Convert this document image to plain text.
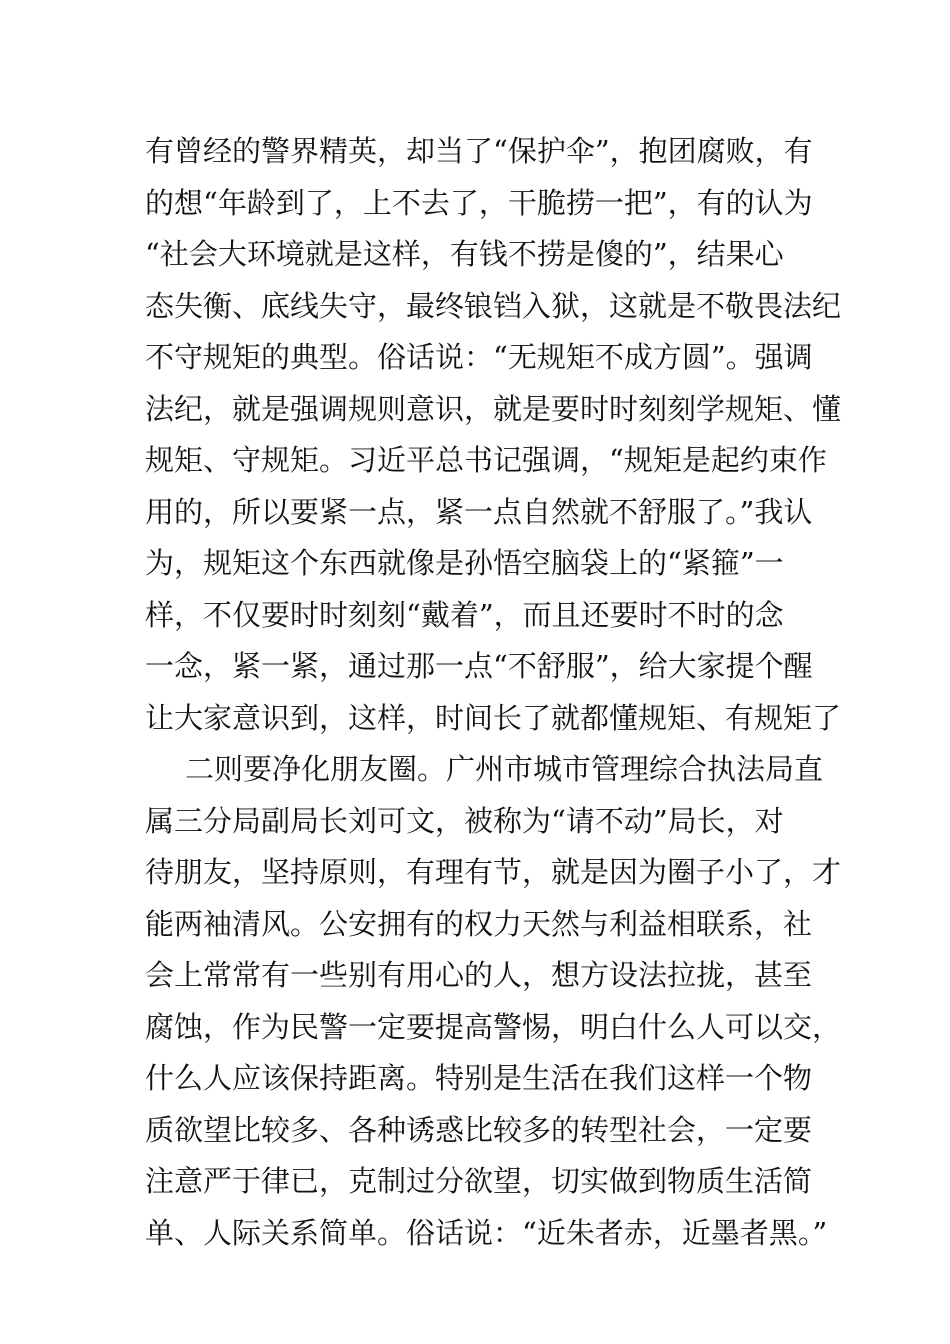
有曾经的警界精英，却当了“保护伞”，抱团腐败，有
的想“年龄到了，上不去了，干脆捞一把”，有的认为
“社会大环境就是这样，有钱不捞是傻的”，结果心
态失衡、底线失守，最终锒铛入狱，这就是不敬畏法纪
不守规矩的典型。俗话说：“无规矩不成方圆”。强调
法纪，就是强调规则意识，就是要时时刻刻学规矩、懂
规矩、守规矩。习近平总书记强调，“规矩是起约束作
用的，所以要紧一点，紧一点自然就不舒服了。”我认
为，规矩这个东西就像是孙悟空脑袋上的“紧箍”一
样，不仅要时时刻刻“戴着”，而且还要时不时的念
一念，紧一紧，通过那一点“不舒服”，给大家提个醒
让大家意识到，这样，时间长了就都懂规矩、有规矩了
二则要净化朋友圈。广州市城市管理综合执法局直
属三分局副局长刘可文，被称为“请不动”局长，对
待朋友，坚持原则，有理有节，就是因为圈子小了，才
能两袖清风。公安拥有的权力天然与利益相联系，社
会上常常有一些别有用心的人，想方设法拉拢，甚至
腐蚀，作为民警一定要提高警惕，明白什么人可以交，
什么人应该保持距离。特别是生活在我们这样一个物
质欲望比较多、各种诱惑比较多的转型社会，一定要
注意严于律已，克制过分欲望，切实做到物质生活简
单、人际关系简单。俗话说：“近朱者赤，近墨者黑。”
